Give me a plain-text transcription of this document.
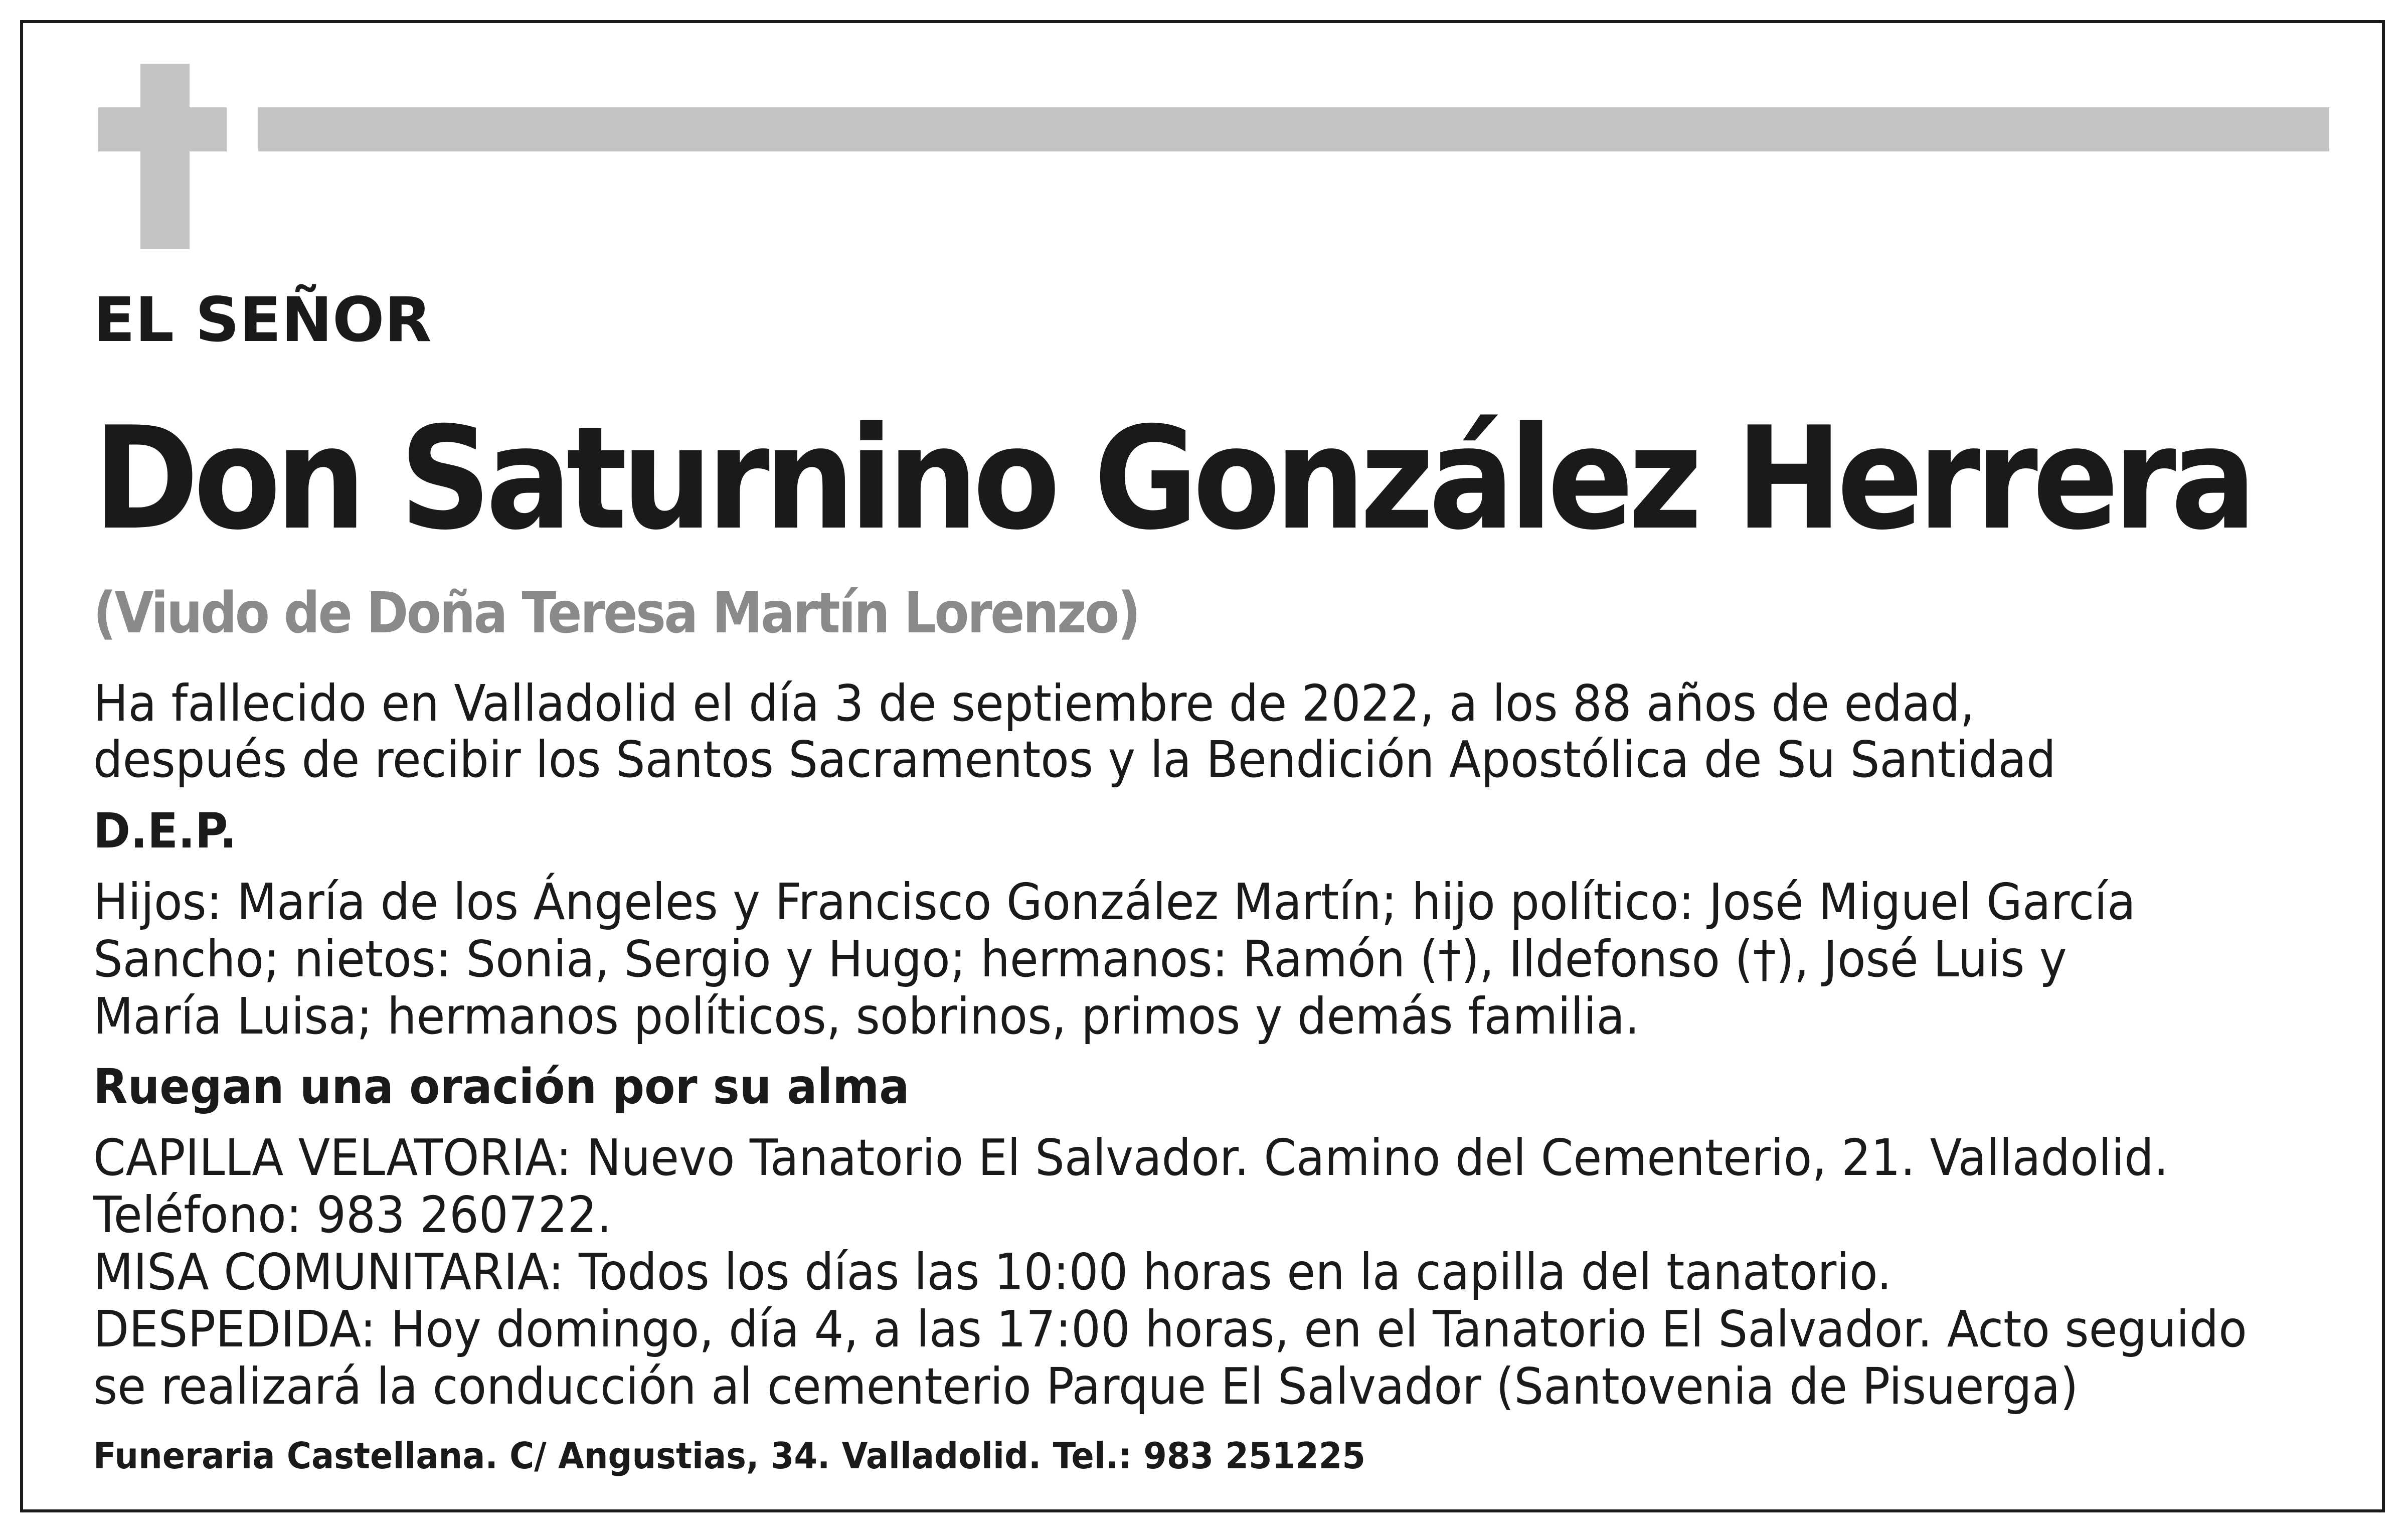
EL SEÑOR

Don Saturnino González Herrera

(Viudo de Doña Teresa Martín Lorenzo)

Ha fallecido en Valladolid el día 3 de septiembre de 2022, a los 88 años de edad,

después de recibir los Santos Sacramentos y la Bendición Apostólica de Su Santidad

D.E.P.

Hijos: María de los Ángeles y Francisco González Martín; hijo político: José Miguel García

Sancho; nietos: Sonia, Sergio y Hugo; hermanos: Ramón (†), Ildefonso (†), José Luis y

María Luisa; hermanos políticos, sobrinos, primos y demás familia.

Ruegan una oración por su alma

CAPILLA VELATORIA: Nuevo Tanatorio El Salvador. Camino del Cementerio, 21. Valladolid.

Teléfono: 983 260722.

MISA COMUNITARIA: Todos los días las 10:00 horas en la capilla del tanatorio.

DESPEDIDA: Hoy domingo, día 4, a las 17:00 horas, en el Tanatorio El Salvador. Acto seguido

se realizará la conducción al cementerio Parque El Salvador (Santovenia de Pisuerga)

Funeraria Castellana. C/ Angustias, 34. Valladolid. Tel.: 983 251225
